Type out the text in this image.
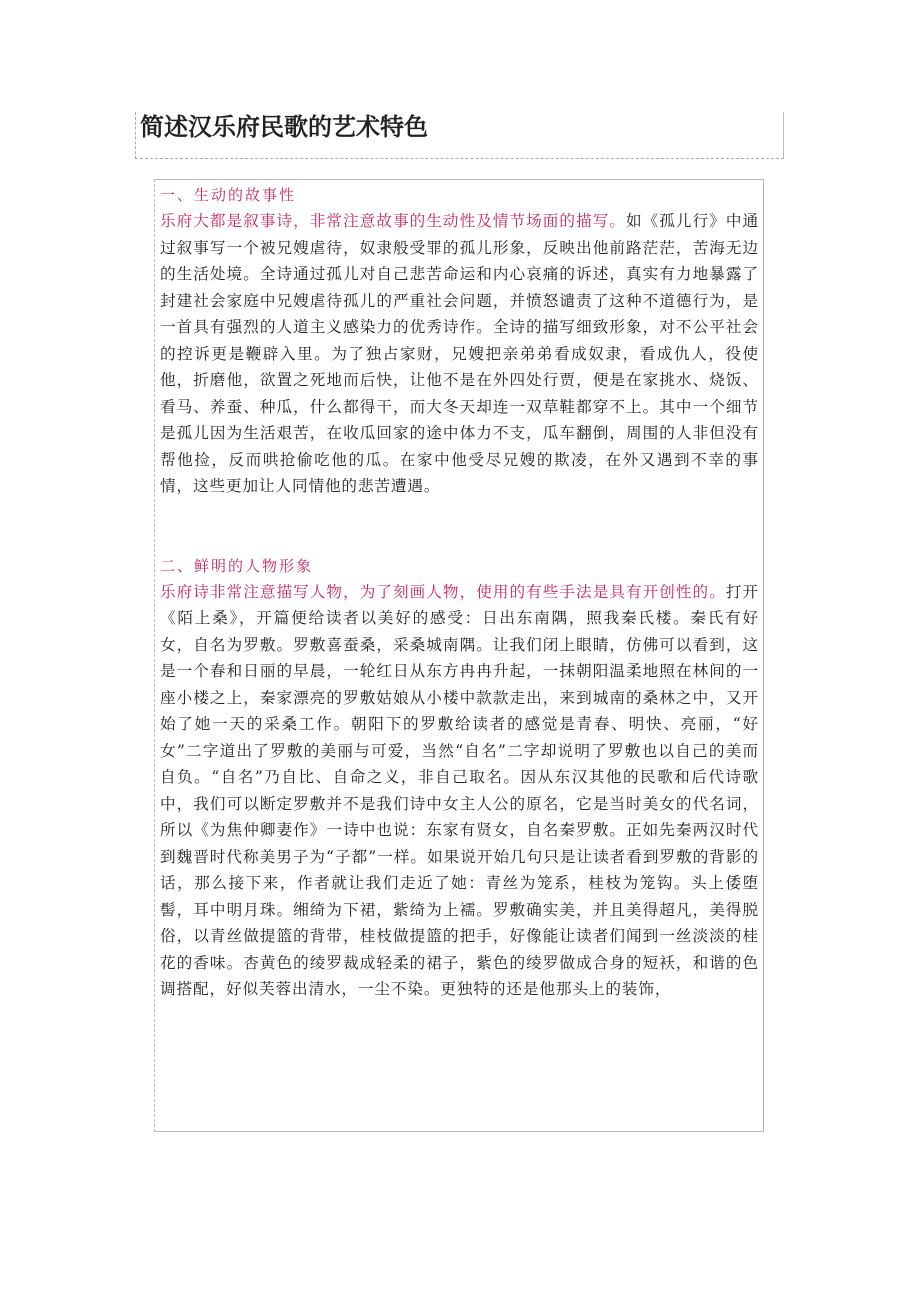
简述汉乐府民歌的艺术特色

一、生动的故事性

乐府大都是叙事诗，非常注意故事的生动性及情节场面的描写。如《孤儿行》中通过叙事写一个被兄嫂虐待，奴隶般受罪的孤儿形象，反映出他前路茫茫，苦海无边的生活处境。全诗通过孤儿对自己悲苦命运和内心哀痛的诉述，真实有力地暴露了封建社会家庭中兄嫂虐待孤儿的严重社会问题，并愤怒谴责了这种不道德行为，是一首具有强烈的人道主义感染力的优秀诗作。全诗的描写细致形象，对不公平社会的控诉更是鞭辟入里。为了独占家财，兄嫂把亲弟弟看成奴隶，看成仇人，役使他，折磨他，欲置之死地而后快，让他不是在外四处行贾，便是在家挑水、烧饭、看马、养蚕、种瓜，什么都得干，而大冬天却连一双草鞋都穿不上。其中一个细节是孤儿因为生活艰苦，在收瓜回家的途中体力不支，瓜车翻倒，周围的人非但没有帮他捡，反而哄抢偷吃他的瓜。在家中他受尽兄嫂的欺凌，在外又遇到不幸的事情，这些更加让人同情他的悲苦遭遇。

二、鲜明的人物形象

乐府诗非常注意描写人物，为了刻画人物，使用的有些手法是具有开创性的。打开《陌上桑》，开篇便给读者以美好的感受：日出东南隅，照我秦氏楼。秦氏有好女，自名为罗敷。罗敷喜蚕桑，采桑城南隅。让我们闭上眼睛，仿佛可以看到，这是一个春和日丽的早晨，一轮红日从东方冉冉升起，一抹朝阳温柔地照在林间的一座小楼之上，秦家漂亮的罗敷姑娘从小楼中款款走出，来到城南的桑林之中，又开始了她一天的采桑工作。朝阳下的罗敷给读者的感觉是青春、明快、亮丽，“好女”二字道出了罗敷的美丽与可爱，当然“自名”二字却说明了罗敷也以自己的美而自负。“自名”乃自比、自命之义，非自己取名。因从东汉其他的民歌和后代诗歌中，我们可以断定罗敷并不是我们诗中女主人公的原名，它是当时美女的代名词，所以《为焦仲卿妻作》一诗中也说：东家有贤女，自名秦罗敷。正如先秦两汉时代到魏晋时代称美男子为“子都”一样。如果说开始几句只是让读者看到罗敷的背影的话，那么接下来，作者就让我们走近了她：青丝为笼系，桂枝为笼钩。头上倭堕髻，耳中明月珠。缃绮为下裙，紫绮为上襦。罗敷确实美，并且美得超凡，美得脱俗，以青丝做提篮的背带，桂枝做提篮的把手，好像能让读者们闻到一丝淡淡的桂花的香味。杏黄色的绫罗裁成轻柔的裙子，紫色的绫罗做成合身的短袄，和谐的色调搭配，好似芙蓉出清水，一尘不染。更独特的还是他那头上的装饰，
